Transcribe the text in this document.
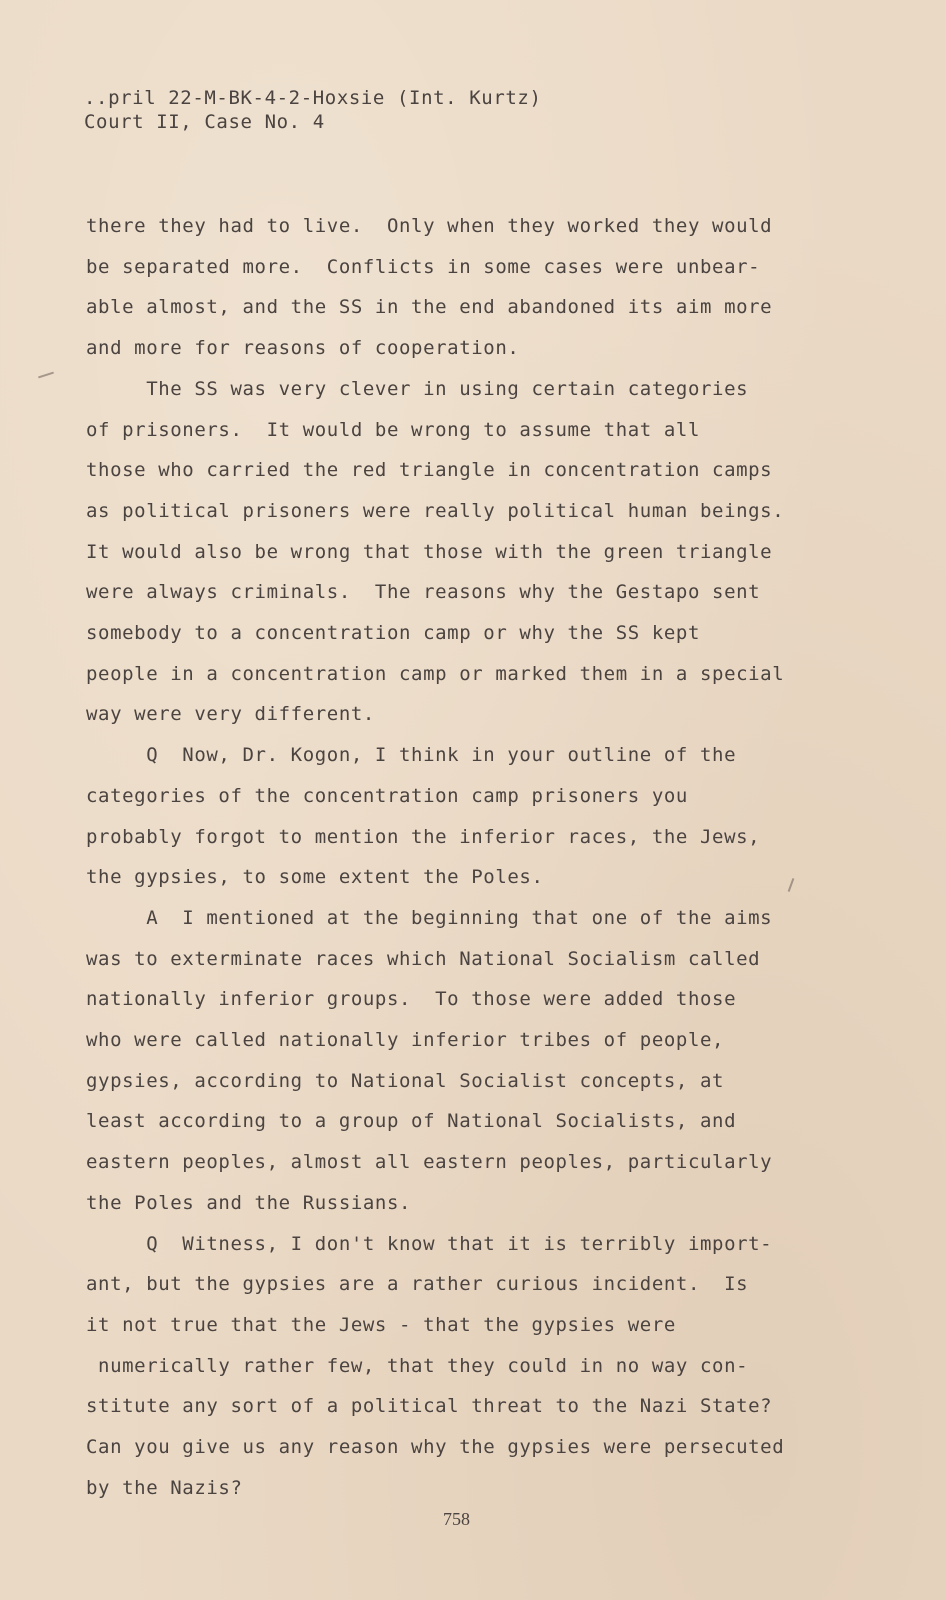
..pril 22-M-BK-4-2-Hoxsie (Int. Kurtz)
Court II, Case No. 4
there they had to live.  Only when they worked they would
be separated more.  Conflicts in some cases were unbear-
able almost, and the SS in the end abandoned its aim more
and more for reasons of cooperation.
The SS was very clever in using certain categories
of prisoners.  It would be wrong to assume that all
those who carried the red triangle in concentration camps
as political prisoners were really political human beings.
It would also be wrong that those with the green triangle
were always criminals.  The reasons why the Gestapo sent
somebody to a concentration camp or why the SS kept
people in a concentration camp or marked them in a special
way were very different.
Q  Now, Dr. Kogon, I think in your outline of the
categories of the concentration camp prisoners you
probably forgot to mention the inferior races, the Jews,
the gypsies, to some extent the Poles.
A  I mentioned at the beginning that one of the aims
was to exterminate races which National Socialism called
nationally inferior groups.  To those were added those
who were called nationally inferior tribes of people,
gypsies, according to National Socialist concepts, at
least according to a group of National Socialists, and
eastern peoples, almost all eastern peoples, particularly
the Poles and the Russians.
Q  Witness, I don't know that it is terribly import-
ant, but the gypsies are a rather curious incident.  Is
it not true that the Jews - that the gypsies were
numerically rather few, that they could in no way con-
stitute any sort of a political threat to the Nazi State?
Can you give us any reason why the gypsies were persecuted
by the Nazis?
758
